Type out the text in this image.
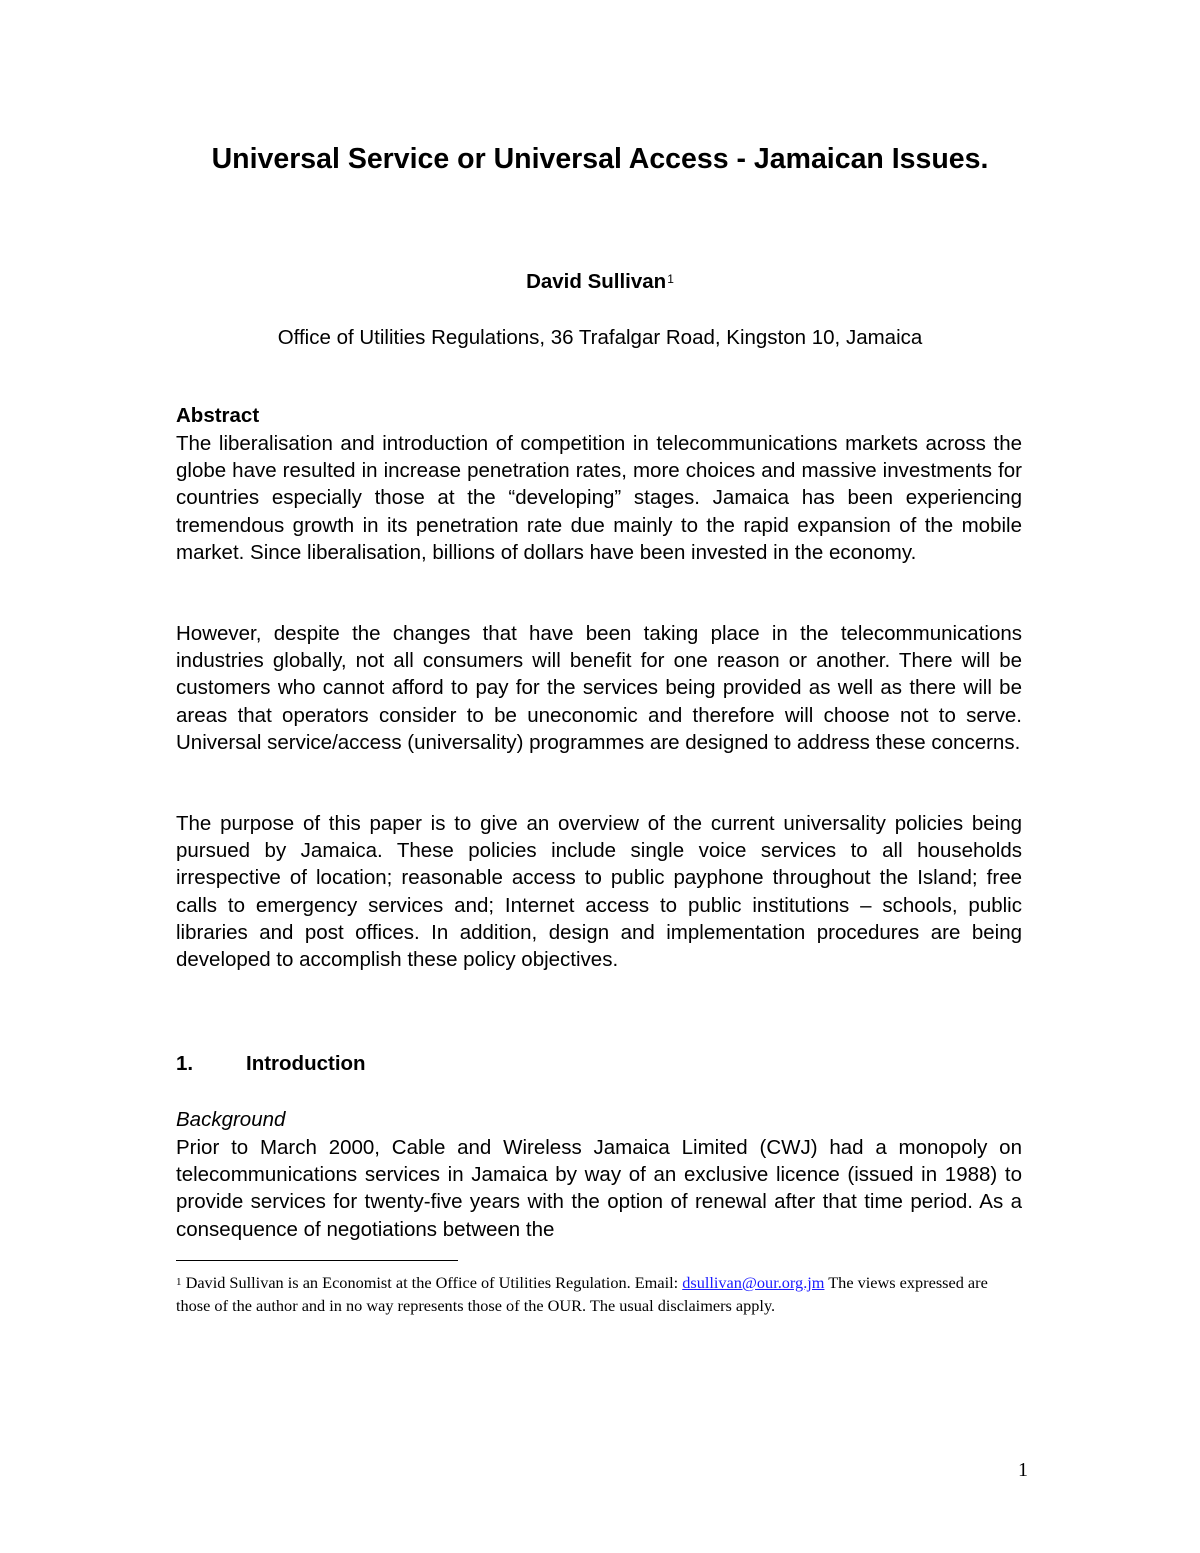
Universal Service or Universal Access - Jamaican Issues.
David Sullivan$^1$
Office of Utilities Regulations, 36 Trafalgar Road, Kingston 10, Jamaica
Abstract
The liberalisation and introduction of competition in telecommunications markets across the globe have resulted in increase penetration rates, more choices and massive investments for countries especially those at the “developing” stages. Jamaica has been experiencing tremendous growth in its penetration rate due mainly to the rapid expansion of the mobile market. Since liberalisation, billions of dollars have been invested in the economy.
However, despite the changes that have been taking place in the telecommunications industries globally, not all consumers will benefit for one reason or another. There will be customers who cannot afford to pay for the services being provided as well as there will be areas that operators consider to be uneconomic and therefore will choose not to serve. Universal service/access (universality) programmes are designed to address these concerns.
The purpose of this paper is to give an overview of the current universality policies being pursued by Jamaica. These policies include single voice services to all households irrespective of location; reasonable access to public payphone throughout the Island; free calls to emergency services and; Internet access to public institutions – schools, public libraries and post offices. In addition, design and implementation procedures are being developed to accomplish these policy objectives.
1.	Introduction
Background
Prior to March 2000, Cable and Wireless Jamaica Limited (CWJ) had a monopoly on telecommunications services in Jamaica by way of an exclusive licence (issued in 1988) to provide services for twenty-five years with the option of renewal after that time period. As a consequence of negotiations between the
$^1$ David Sullivan is an Economist at the Office of Utilities Regulation. Email: dsullivan@our.org.jm The views expressed are those of the author and in no way represents those of the OUR. The usual disclaimers apply.
1
